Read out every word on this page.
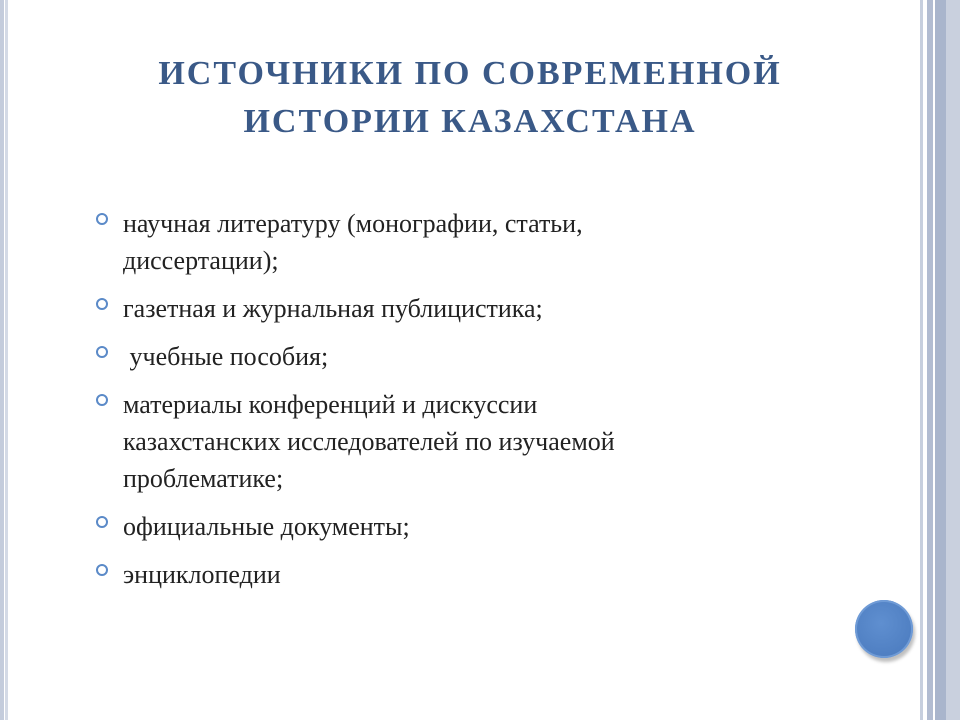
ИСТОЧНИКИ ПО СОВРЕМЕННОЙ
ИСТОРИИ КАЗАХСТАНА
научная литературу (монографии, статьи,
диссертации);
газетная и журнальная публицистика;
учебные пособия;
материалы конференций и дискуссии
казахстанских исследователей по изучаемой
проблематике;
официальные документы;
энциклопедии
